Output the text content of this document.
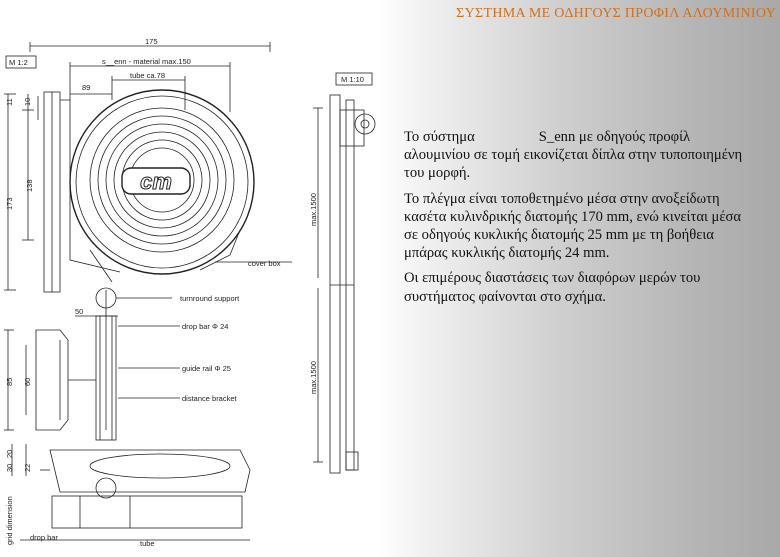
ΣΥΣΤΗΜΑ ΜΕ ΟΔΗΓΟΥΣ ΠΡΟΦΙΛ ΑΛΟΥΜΙΝΙΟΥ
cm
M 1:2
M 1:10
175
s__enn - material max.150
tube ca.78
89
50
cover box
turnround support
drop bar Φ 24
guide rail Φ 25
distance bracket
drop bar
tube
11 10
173
138
85 60
30
20
22
grid dimension
max.1500
max.1500

Το σύστημα	S_enn με οδηγούς προφίλ αλουμινίου σε τομή εικονίζεται δίπλα στην τυποποιημένη του μορφή.

Το πλέγμα είναι τοποθετημένο μέσα στην ανοξείδωτη κασέτα κυλινδρικής διατομής 170 mm, ενώ κινείται μέσα σε οδηγούς κυκλικής διατομής 25 mm με τη βοήθεια μπάρας κυκλικής διατομής 24 mm.

Οι επιμέρους διαστάσεις των διαφόρων μερών του συστήματος φαίνονται στο σχήμα.
